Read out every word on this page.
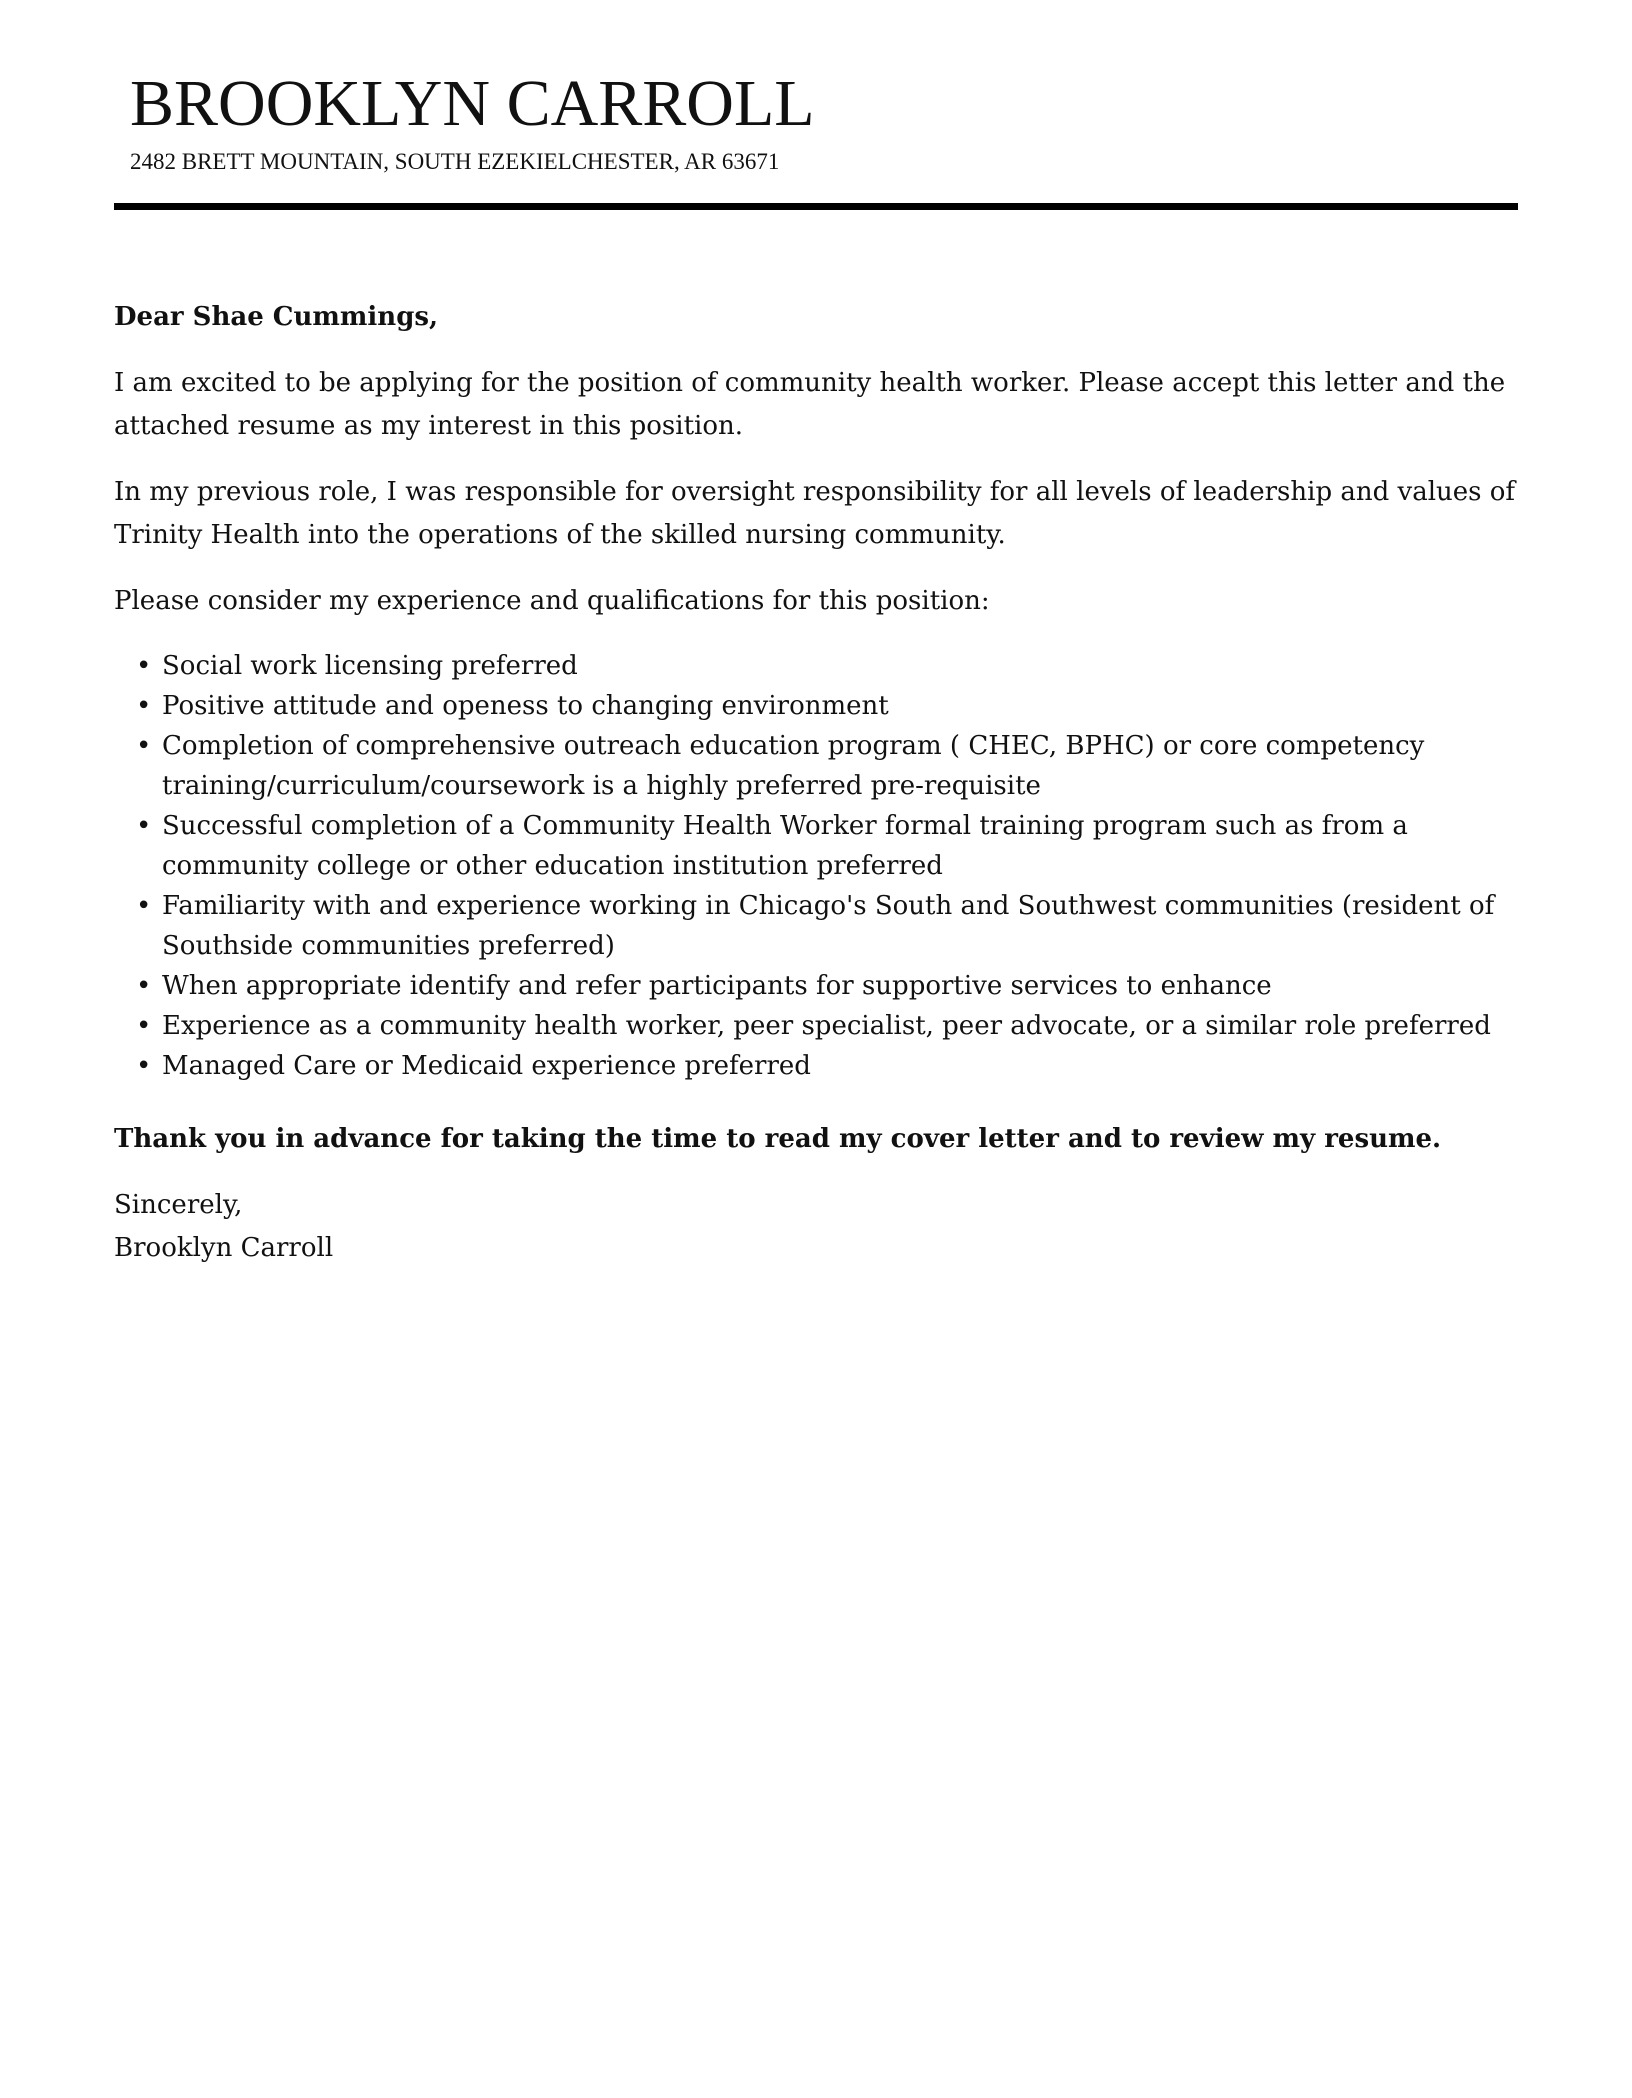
BROOKLYN CARROLL
2482 BRETT MOUNTAIN, SOUTH EZEKIELCHESTER, AR 63671

Dear Shae Cummings,

I am excited to be applying for the position of community health worker. Please accept this letter and the attached resume as my interest in this position.

In my previous role, I was responsible for oversight responsibility for all levels of leadership and values of Trinity Health into the operations of the skilled nursing community.

Please consider my experience and qualifications for this position:

• Social work licensing preferred
• Positive attitude and openess to changing environment
• Completion of comprehensive outreach education program ( CHEC, BPHC) or core competency training/curriculum/coursework is a highly preferred pre-requisite
• Successful completion of a Community Health Worker formal training program such as from a community college or other education institution preferred
• Familiarity with and experience working in Chicago's South and Southwest communities (resident of Southside communities preferred)
• When appropriate identify and refer participants for supportive services to enhance
• Experience as a community health worker, peer specialist, peer advocate, or a similar role preferred
• Managed Care or Medicaid experience preferred

Thank you in advance for taking the time to read my cover letter and to review my resume.

Sincerely,
Brooklyn Carroll
